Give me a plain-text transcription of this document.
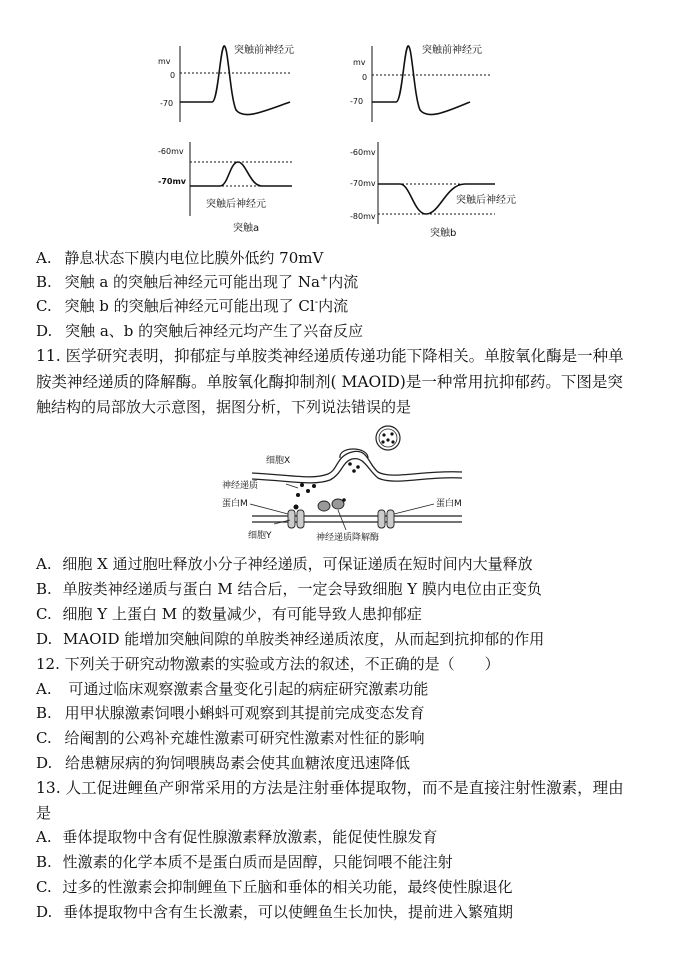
mv
0
-70
突触前神经元
mv
0
-70
突触前神经元
-60mv
-70mv
突触后神经元
突触a
-60mv
-70mv
-80mv
突触后神经元
突触b
A. 静息状态下膜内电位比膜外低约 70mV
B. 突触 a 的突触后神经元可能出现了 Na+内流
C. 突触 b 的突触后神经元可能出现了 Cl-内流
D. 突触 a、b 的突触后神经元均产生了兴奋反应
11. 医学研究表明，抑郁症与单胺类神经递质传递功能下降相关。单胺氧化酶是一种单
胺类神经递质的降解酶。单胺氧化酶抑制剂( MAOID)是一种常用抗抑郁药。下图是突
触结构的局部放大示意图，据图分析，下列说法错误的是
细胞X
神经递质
蛋白M	蛋白M
细胞Y	神经递质降解酶
A. 细胞 X 通过胞吐释放小分子神经递质，可保证递质在短时间内大量释放
B. 单胺类神经递质与蛋白 M 结合后，一定会导致细胞 Y 膜内电位由正变负
C. 细胞 Y 上蛋白 M 的数量减少，有可能导致人患抑郁症
D. MAOID 能增加突触间隙的单胺类神经递质浓度，从而起到抗抑郁的作用
12. 下列关于研究动物激素的实验或方法的叙述，不正确的是（　　）
A. 可通过临床观察激素含量变化引起的病症研究激素功能
B. 用甲状腺激素饲喂小蝌蚪可观察到其提前完成变态发育
C. 给阉割的公鸡补充雄性激素可研究性激素对性征的影响
D. 给患糖尿病的狗饲喂胰岛素会使其血糖浓度迅速降低
13. 人工促进鲤鱼产卵常采用的方法是注射垂体提取物，而不是直接注射性激素，理由
是
A. 垂体提取物中含有促性腺激素释放激素，能促使性腺发育
B. 性激素的化学本质不是蛋白质而是固醇，只能饲喂不能注射
C. 过多的性激素会抑制鲤鱼下丘脑和垂体的相关功能，最终使性腺退化
D. 垂体提取物中含有生长激素，可以使鲤鱼生长加快，提前进入繁殖期
